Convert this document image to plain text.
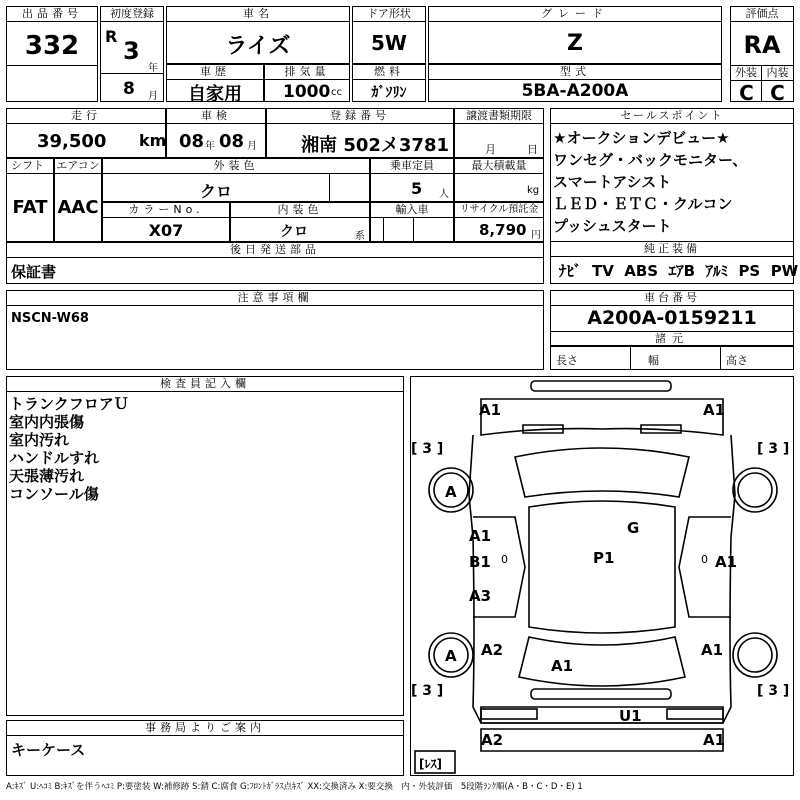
出品番号
332
初度登録
R
3
年
8 月
車名
ライズ
ドア形状
5W
グレード
Z
評価点
RA
外装 内装
C C
車歴
自家用
排気量
1000 cc
燃料
ｶﾞｿﾘﾝ
型式
5BA-A200A
走行
39,500 km
車検
08 年 08 月
登録番号
湘南 502メ3781
譲渡書類期限
月	日
シフト
FAT
エアコン
AAC
外装色
クロ
乗車定員
5 人
最大積載量
kg
カラーNo.
X07
内装色
クロ	系
輸入車	リサイクル預託金
8,790 円
後日発送部品
保証書
セールスポイント
★オークションデビュー★
ワンセグ・バックモニター、
スマートアシスト
ＬＥＤ・ＥＴＣ・クルコン
プッシュスタート
純正装備
ﾅﾋﾞ TV ABS ｴｱB ｱﾙﾐ PS PW
注意事項欄
NSCN-W68
車台番号
A200A-0159211
諸元
長さ	幅	高さ
検査員記入欄
トランクフロアＵ
室内内張傷
室内汚れ
ハンドルすれ
天張薄汚れ
コンソール傷
事務局よりご案内
キーケース
A1	A1
[ 3 ]	[ 3 ]
A
G
A1
B1 0	P1	0 A1
A3
A A2	A1
A1
[ 3 ]	[ 3 ]
U1
A2	A1
[ﾚｽ]
A:ｷｽﾞ U:ﾍｺﾐ B:ｷｽﾞを伴うﾍｺﾐ P:要塗装 W:補修跡 S:錆 C:腐食 G:ﾌﾛﾝﾄｶﾞﾗｽ点ｷｽﾞ XX:交換済み X:要交換　内・外装評価　5段階ﾗﾝｸ順(A・B・C・D・E) 1
